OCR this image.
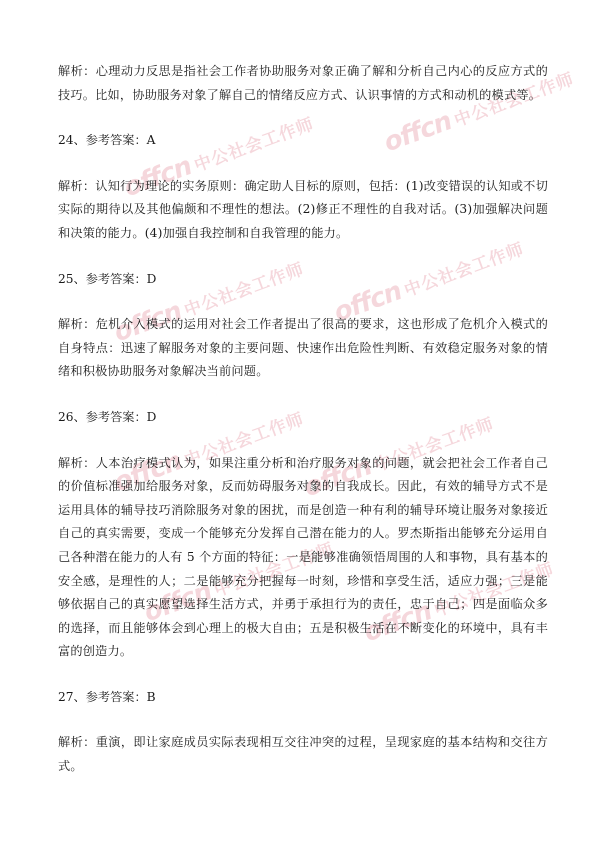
offcn中公社会工作师 offcn中公社会工作师
offcn中公社会工作师 offcn中公社会工作师
offcn中公社会工作师
offcn中公社会工作师
offcn中公社会工作师
offcn中公社会工作师

解析：心理动力反思是指社会工作者协助服务对象正确了解和分析自己内心的反应方式的技巧。比如，协助服务对象了解自己的情绪反应方式、认识事情的方式和动机的模式等。

24、参考答案：A

解析：认知行为理论的实务原则：确定助人目标的原则，包括：(1)改变错误的认知或不切实际的期待以及其他偏颇和不理性的想法。(2)修正不理性的自我对话。(3)加强解决问题和决策的能力。(4)加强自我控制和自我管理的能力。

25、参考答案：D

解析：危机介入模式的运用对社会工作者提出了很高的要求，这也形成了危机介入模式的自身特点：迅速了解服务对象的主要问题、快速作出危险性判断、有效稳定服务对象的情绪和积极协助服务对象解决当前问题。

26、参考答案：D

解析：人本治疗模式认为，如果注重分析和治疗服务对象的问题，就会把社会工作者自己的价值标准强加给服务对象，反而妨碍服务对象的自我成长。因此，有效的辅导方式不是运用具体的辅导技巧消除服务对象的困扰，而是创造一种有利的辅导环境让服务对象接近自己的真实需要，变成一个能够充分发挥自己潜在能力的人。罗杰斯指出能够充分运用自己各种潜在能力的人有 5 个方面的特征：一是能够准确领悟周围的人和事物，具有基本的安全感，是理性的人；二是能够充分把握每一时刻，珍惜和享受生活，适应力强；三是能够依据自己的真实愿望选择生活方式，并勇于承担行为的责任，忠于自己；四是面临众多的选择，而且能够体会到心理上的极大自由；五是积极生活在不断变化的环境中，具有丰富的创造力。

27、参考答案：B

解析：重演，即让家庭成员实际表现相互交往冲突的过程，呈现家庭的基本结构和交往方式。
